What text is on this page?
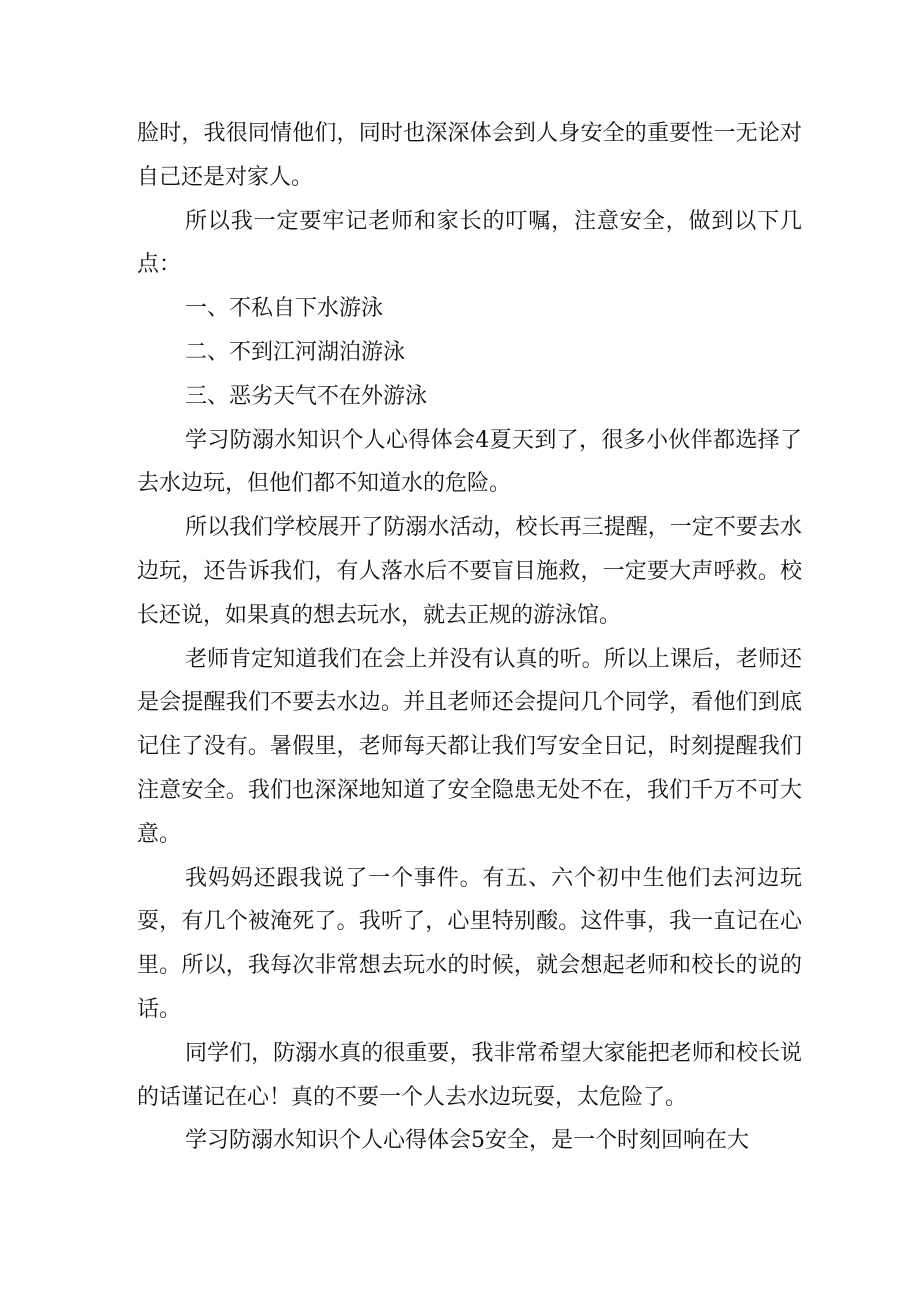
脸时，我很同情他们，同时也深深体会到人身安全的重要性一无论对自己还是对家人。

所以我一定要牢记老师和家长的叮嘱，注意安全，做到以下几点：

一、不私自下水游泳

二、不到江河湖泊游泳

三、恶劣天气不在外游泳

学习防溺水知识个人心得体会4夏天到了，很多小伙伴都选择了去水边玩，但他们都不知道水的危险。

所以我们学校展开了防溺水活动，校长再三提醒，一定不要去水边玩，还告诉我们，有人落水后不要盲目施救，一定要大声呼救。校长还说，如果真的想去玩水，就去正规的游泳馆。

老师肯定知道我们在会上并没有认真的听。所以上课后，老师还是会提醒我们不要去水边。并且老师还会提问几个同学，看他们到底记住了没有。暑假里，老师每天都让我们写安全日记，时刻提醒我们注意安全。我们也深深地知道了安全隐患无处不在，我们千万不可大意。

我妈妈还跟我说了一个事件。有五、六个初中生他们去河边玩耍，有几个被淹死了。我听了，心里特别酸。这件事，我一直记在心里。所以，我每次非常想去玩水的时候，就会想起老师和校长的说的话。

同学们，防溺水真的很重要，我非常希望大家能把老师和校长说的话谨记在心！真的不要一个人去水边玩耍，太危险了。

学习防溺水知识个人心得体会5安全，是一个时刻回响在大
